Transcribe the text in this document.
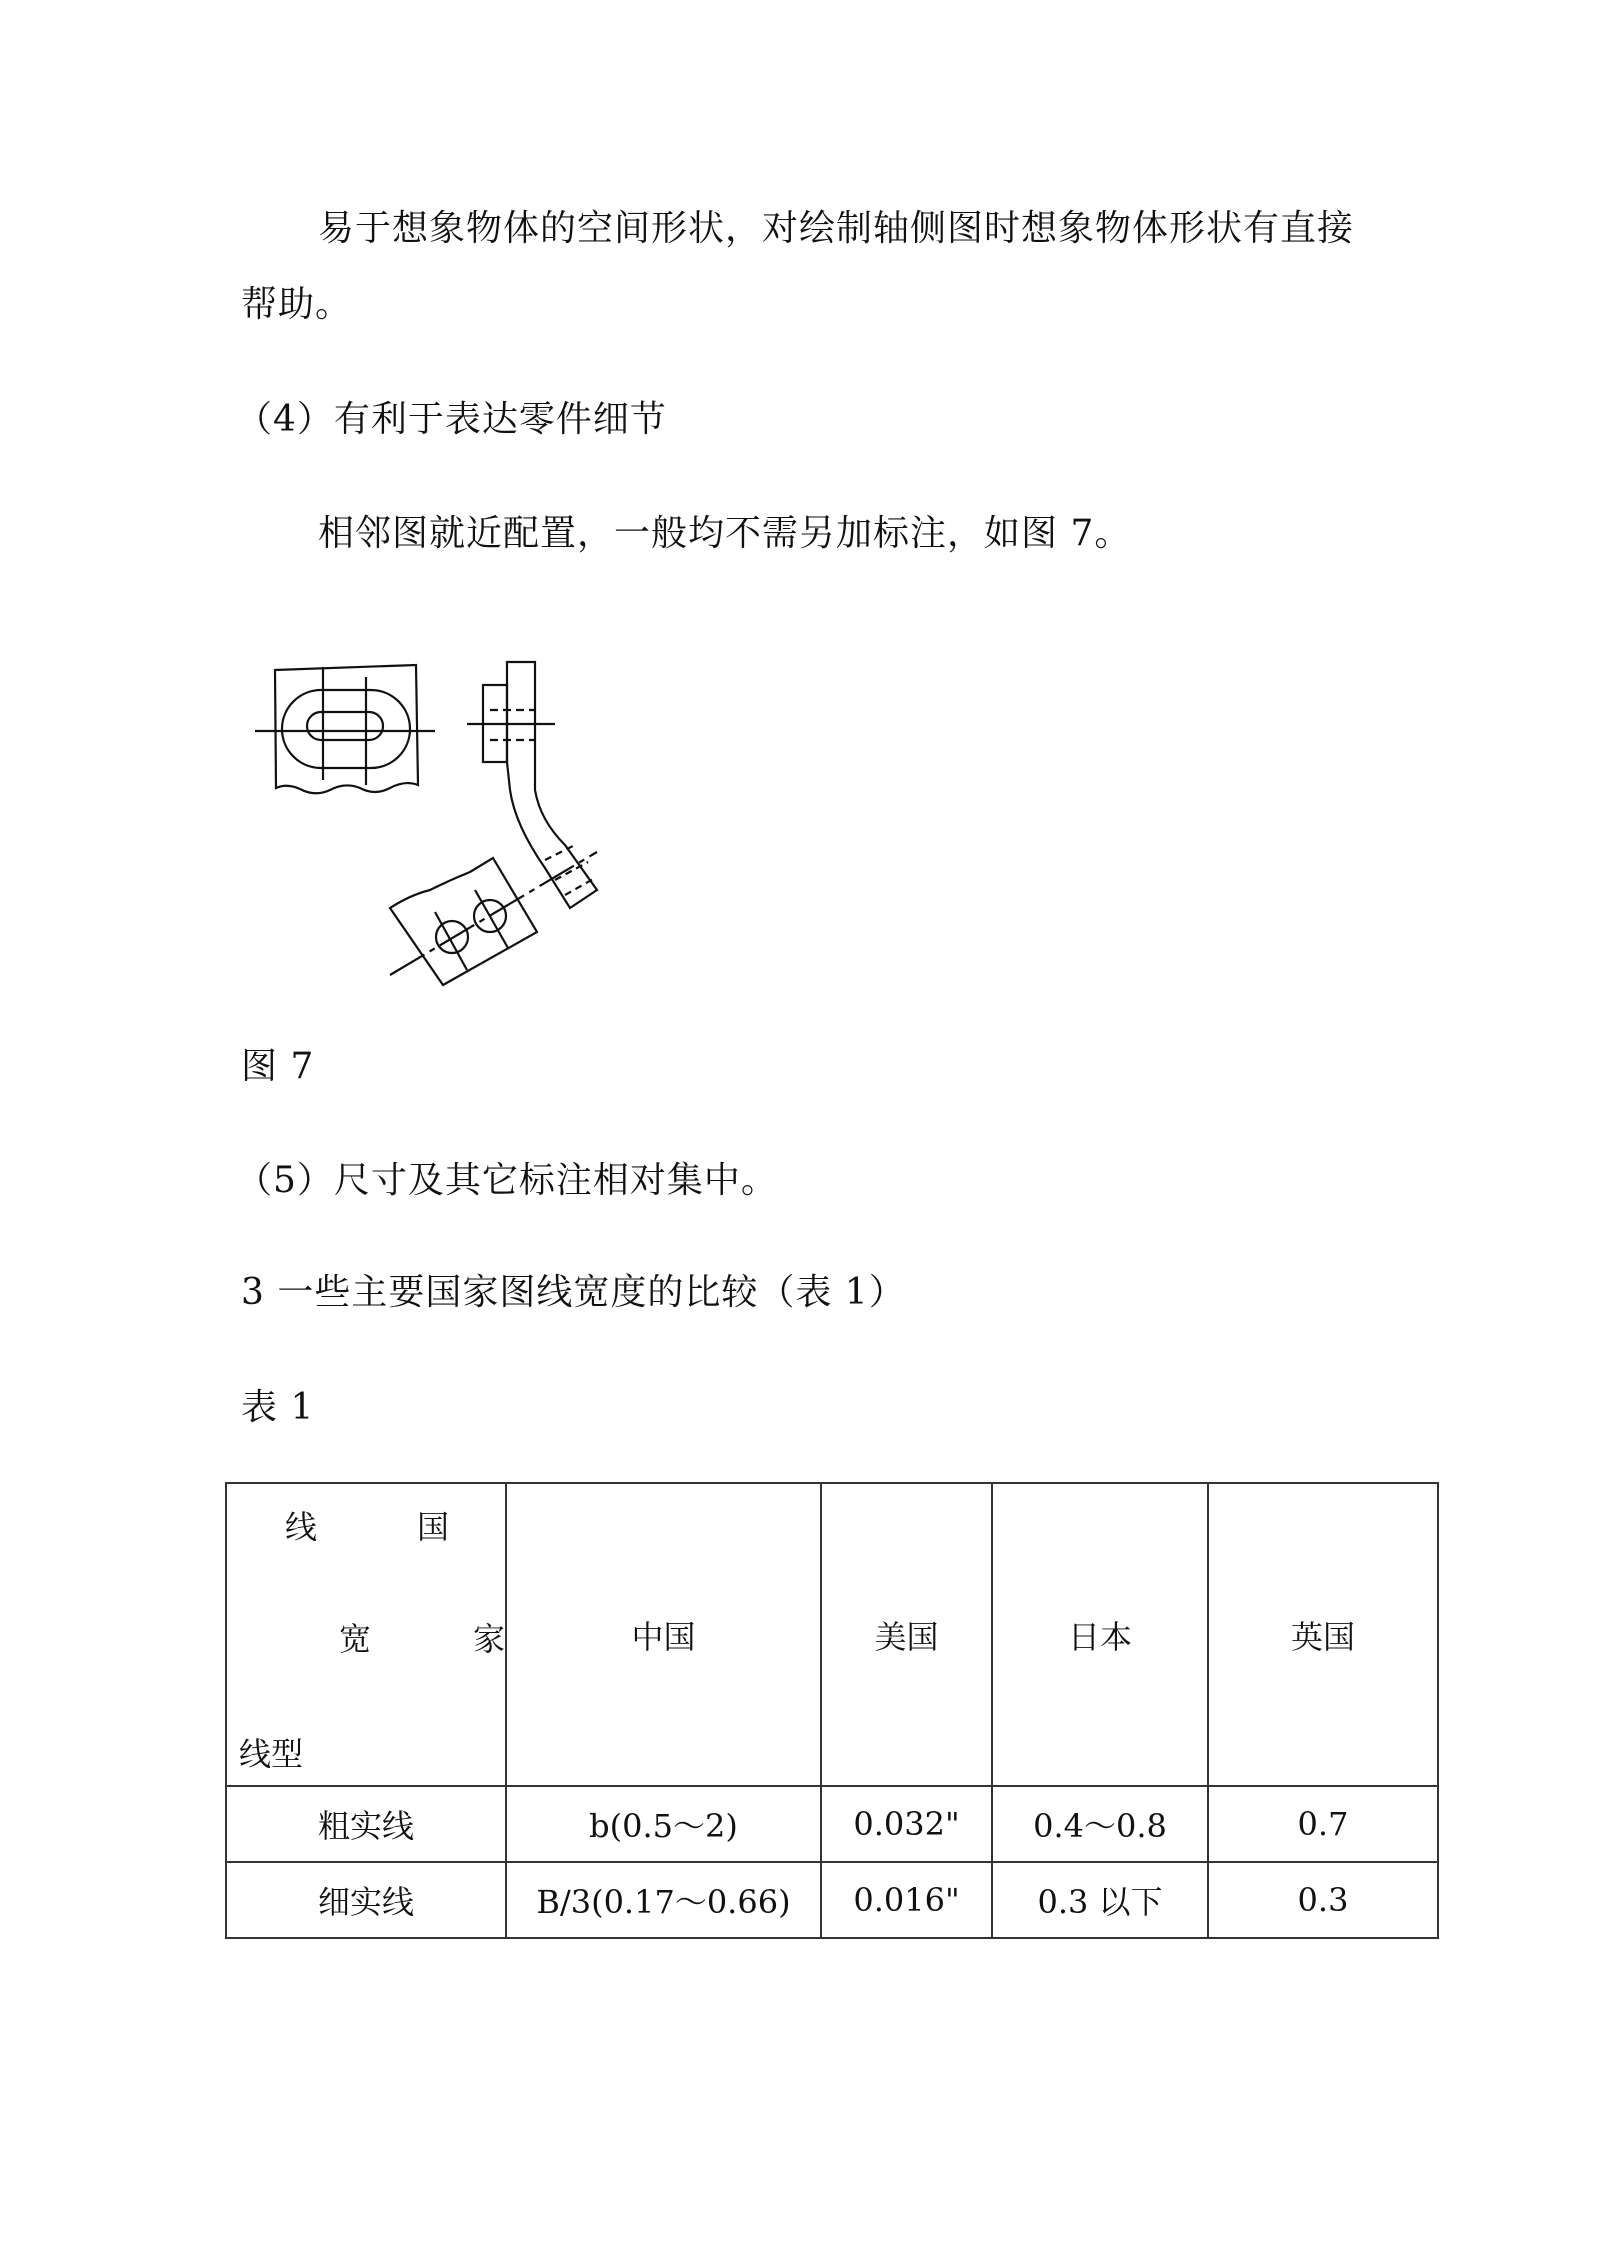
易于想象物体的空间形状，对绘制轴侧图时想象物体形状有直接
帮助。
（4）有利于表达零件细节
相邻图就近配置，一般均不需另加标注，如图 7。
图 7
（5）尺寸及其它标注相对集中。
3 一些主要国家图线宽度的比较（表 1）
表 1
线 国
宽 家
线型	中国	美国	日本	英国
粗实线	b(0.5～2)	0.032"	0.4～0.8	0.7
细实线	B/3(0.17～0.66)	0.016"	0.3 以下	0.3
